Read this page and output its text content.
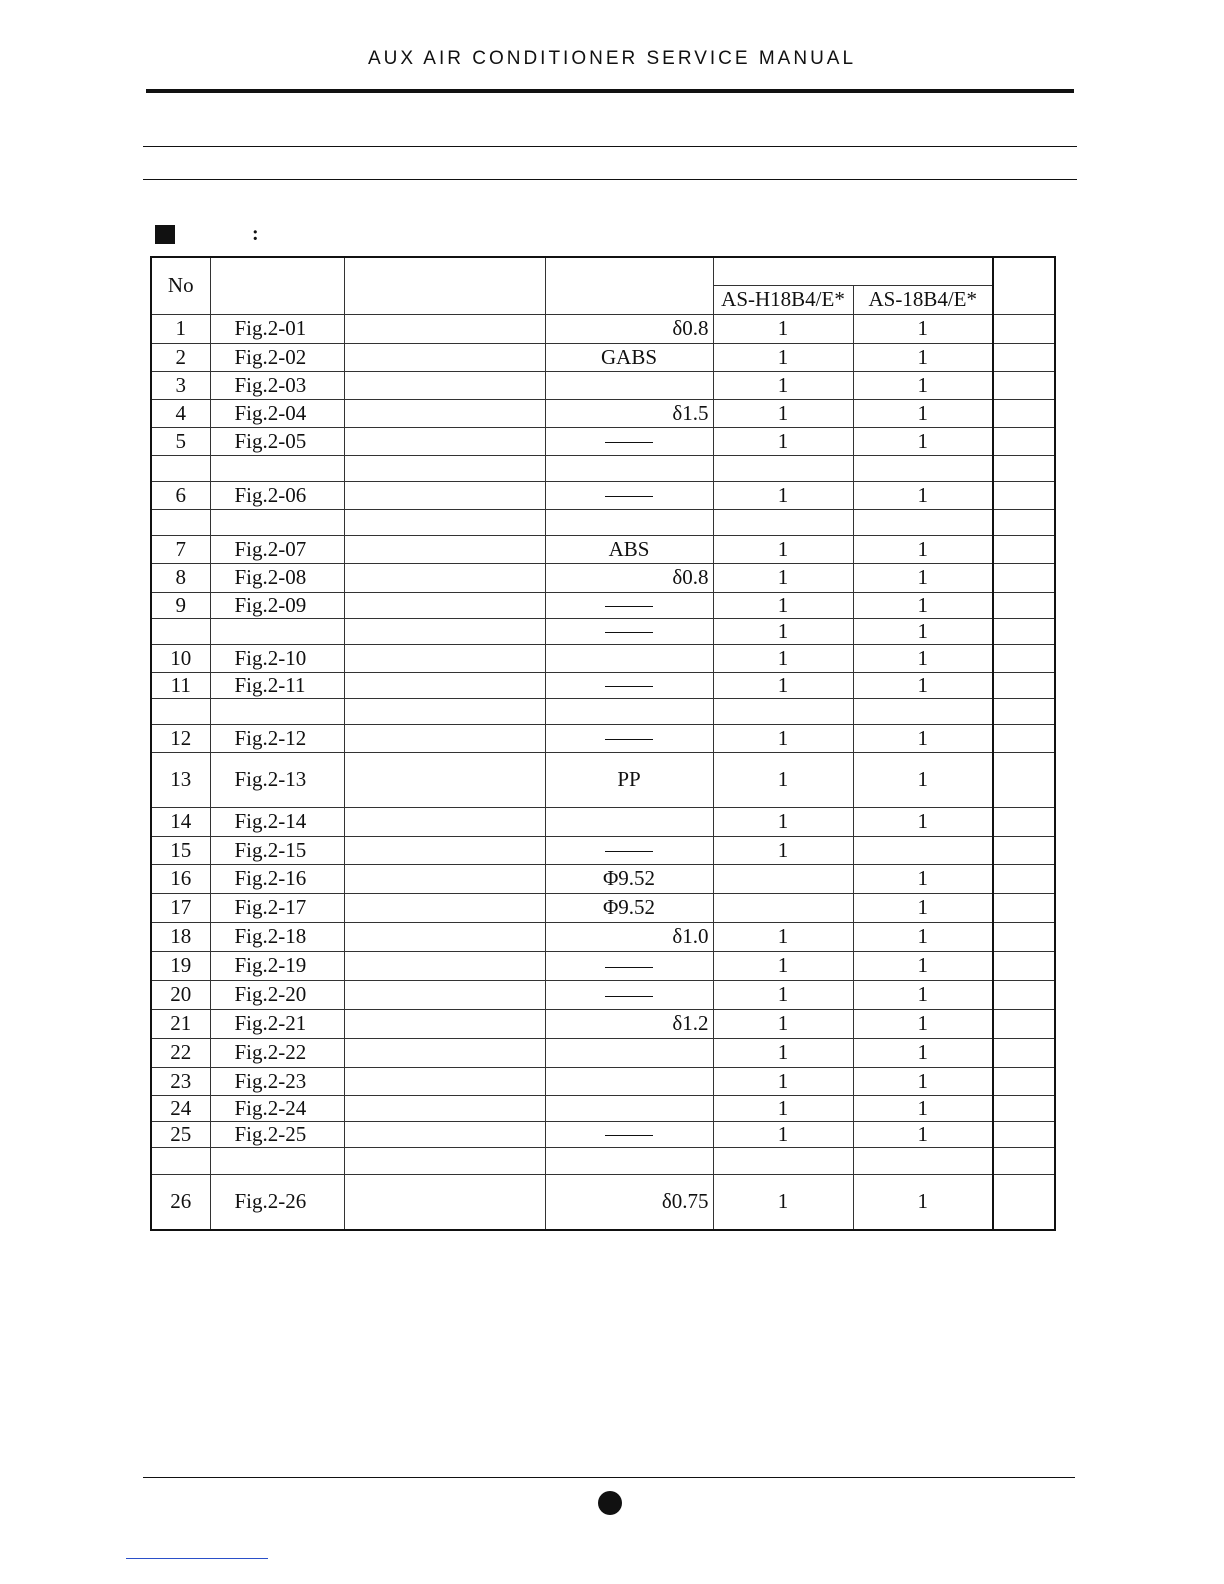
AUX AIR CONDITIONER SERVICE MANUAL
:
No						
				AS-H18B4/E*	AS-18B4/E*	
1	Fig.2-01		δ0.8	1	1	
2	Fig.2-02		GABS	1	1	
3	Fig.2-03			1	1	
4	Fig.2-04		δ1.5	1	1	
5	Fig.2-05			1	1	

6	Fig.2-06			1	1	

7	Fig.2-07		ABS	1	1	
8	Fig.2-08		δ0.8	1	1	
9	Fig.2-09			1	1	
				1	1	
10	Fig.2-10			1	1	
11	Fig.2-11			1	1	

12	Fig.2-12			1	1	
13	Fig.2-13		PP	1	1	
14	Fig.2-14			1	1	
15	Fig.2-15			1		
16	Fig.2-16		Φ9.52		1	
17	Fig.2-17		Φ9.52		1	
18	Fig.2-18		δ1.0	1	1	
19	Fig.2-19			1	1	
20	Fig.2-20			1	1	
21	Fig.2-21		δ1.2	1	1	
22	Fig.2-22			1	1	
23	Fig.2-23			1	1	
24	Fig.2-24			1	1	
25	Fig.2-25			1	1	

26	Fig.2-26		δ0.75	1	1	
